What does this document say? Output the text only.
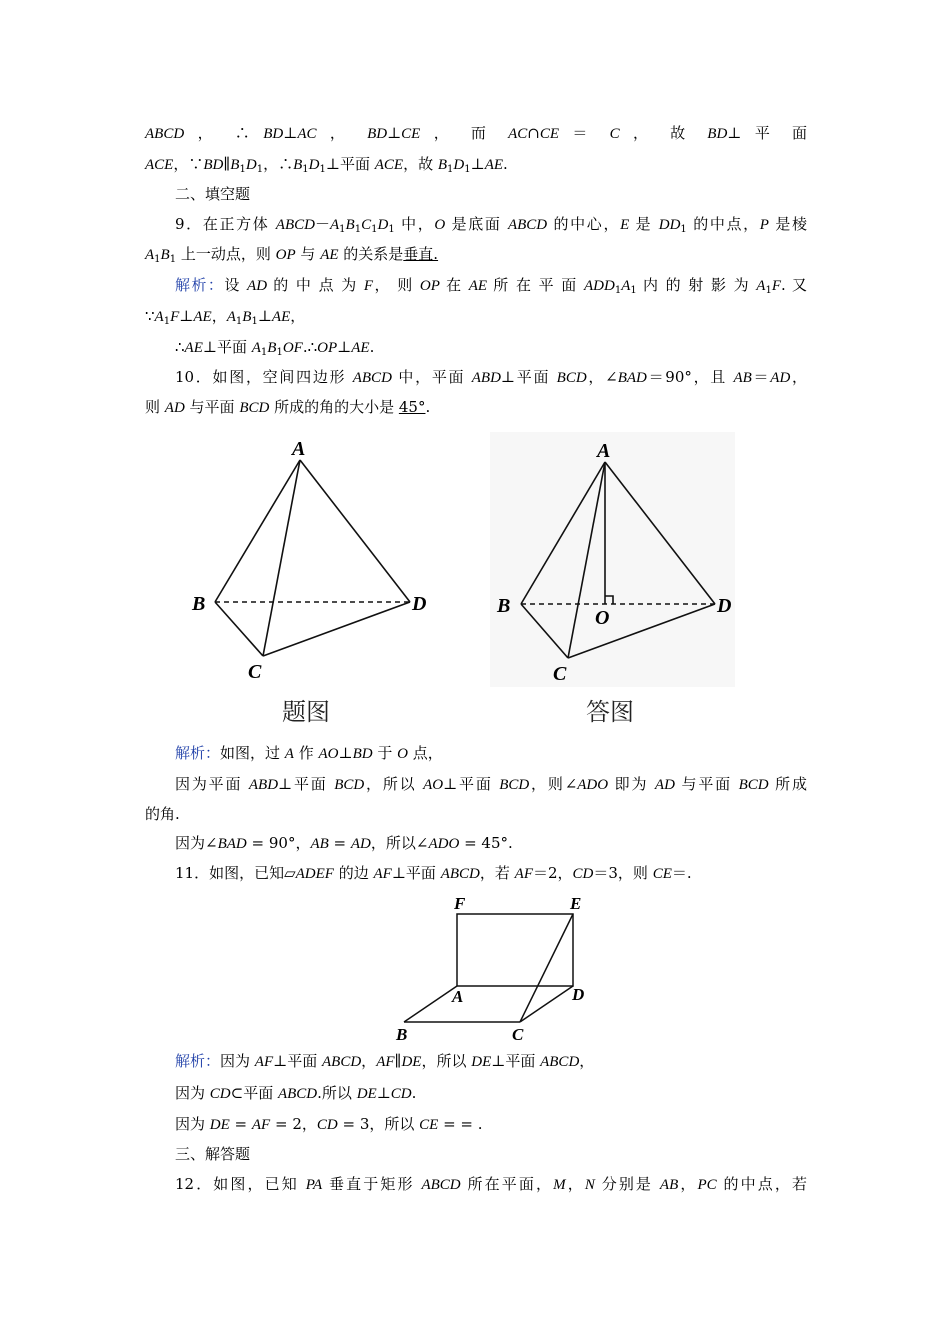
ABCD ， ∴ BD⊥AC ， BD⊥CE ， 而 AC∩CE ＝ C ， 故 BD⊥ 平 面
ACE，$\because BD\parallel B_1D_1$，$\therefore B_1D_1\perp$平面 ACE，故 $B_1D_1\perp AE$.
二、填空题
9．在正方体 $ABCD-A_1B_1C_1D_1$ 中，O 是底面 ABCD 的中心，E 是 $DD_1$ 的中点，P 是棱
$A_1B_1$ 上一动点，则 OP 与 AE 的关系是垂直.
解析：设 AD 的 中 点 为 F， 则 OP 在 AE 所 在 平 面 $ADD_1A_1$ 内 的 射 影 为 $A_1F$. 又
$\because A_1F\perp AE$，$A_1B_1\perp AE$，
∴AE⊥平面 $A_1B_1OF.\therefore OP\perp AE$.
10．如图，空间四边形 ABCD 中，平面 ABD⊥平面 BCD，∠BAD＝90°，且 AB＝AD，
则 AD 与平面 BCD 所成的角的大小是 45°.
A
B
C
D
题图
A
B
O
C
D
答图
解析：如图，过 A 作 AO⊥BD 于 O 点，
因为平面 ABD⊥平面 BCD，所以 AO⊥平面 BCD，则∠ADO 即为 AD 与平面 BCD 所成
的角.
因为∠BAD = 90°，AB = AD，所以∠ADO = 45°.
11．如图，已知▱ADEF 的边 AF⊥平面 ABCD，若 AF＝2，CD＝3，则 CE＝.
F	E
A	D
B	C
解析：因为 AF⊥平面 ABCD，AF∥DE，所以 DE⊥平面 ABCD，
因为 CD⊂平面 ABCD.所以 DE⊥CD.
因为 DE = AF = 2，CD = 3，所以 CE = = .
三、解答题
12．如图，已知 PA 垂直于矩形 ABCD 所在平面，M，N 分别是 AB，PC 的中点，若
